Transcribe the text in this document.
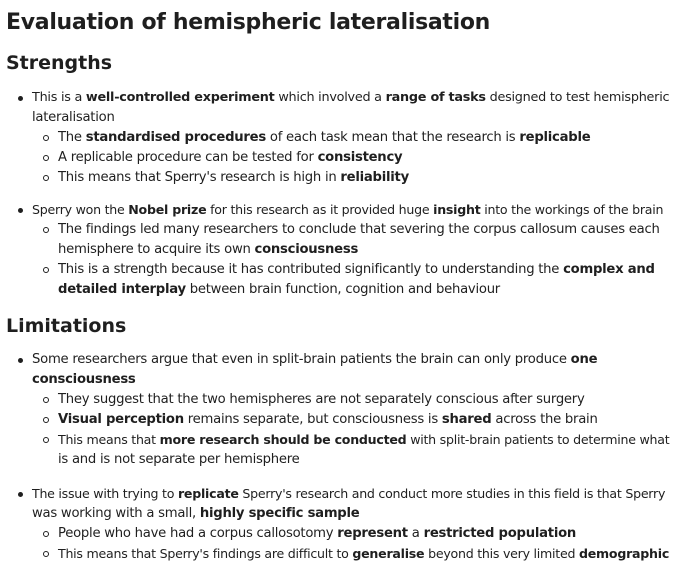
Evaluation of hemispheric lateralisation
Strengths
This is a well-controlled experiment which involved a range of tasks designed to test hemispheric
lateralisation
The standardised procedures of each task mean that the research is replicable
A replicable procedure can be tested for consistency
This means that Sperry's research is high in reliability
Sperry won the Nobel prize for this research as it provided huge insight into the workings of the brain
The findings led many researchers to conclude that severing the corpus callosum causes each
hemisphere to acquire its own consciousness
This is a strength because it has contributed significantly to understanding the complex and
detailed interplay between brain function, cognition and behaviour
Limitations
Some researchers argue that even in split-brain patients the brain can only produce one
consciousness
They suggest that the two hemispheres are not separately conscious after surgery
Visual perception remains separate, but consciousness is shared across the brain
This means that more research should be conducted with split-brain patients to determine what
is and is not separate per hemisphere
The issue with trying to replicate Sperry's research and conduct more studies in this field is that Sperry
was working with a small, highly specific sample
People who have had a corpus callosotomy represent a restricted population
This means that Sperry's findings are difficult to generalise beyond this very limited demographic
